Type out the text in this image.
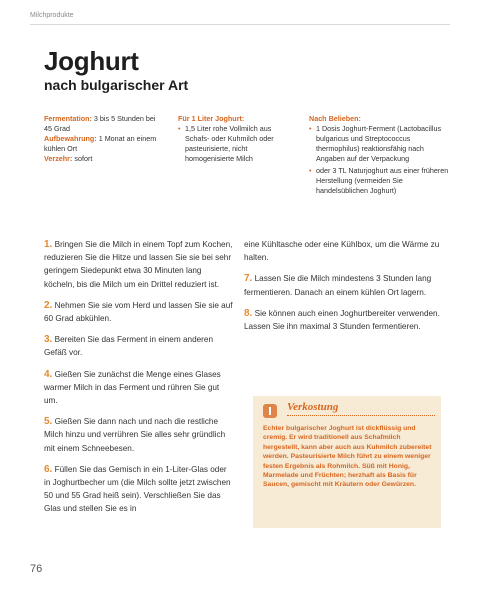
Milchprodukte
Joghurt
nach bulgarischer Art
Fermentation: 3 bis 5 Stunden bei 45 Grad
Aufbewahrung: 1 Monat an einem kühlen Ort
Verzehr: sofort
Für 1 Liter Joghurt:
• 1,5 Liter rohe Vollmilch aus Schafs- oder Kuhmilch oder pasteurisierte, nicht homogenisierte Milch
Nach Belieben:
• 1 Dosis Joghurt-Ferment (Lactobacillus bulgaricus und Streptococcus thermophilus) reaktionsfähig nach Angaben auf der Verpackung
• oder 3 TL Naturjoghurt aus einer früheren Herstellung (vermeiden Sie handelsüblichen Joghurt)

1. Bringen Sie die Milch in einem Topf zum Kochen, reduzieren Sie die Hitze und lassen Sie sie bei sehr geringem Siedepunkt etwa 30 Minuten lang köcheln, bis die Milch um ein Drittel reduziert ist.

2. Nehmen Sie sie vom Herd und lassen Sie sie auf 60 Grad abkühlen.

3. Bereiten Sie das Ferment in einem anderen Gefäß vor.

4. Gießen Sie zunächst die Menge eines Glases warmer Milch in das Ferment und rühren Sie gut um.

5. Gießen Sie dann nach und nach die restliche Milch hinzu und verrühren Sie alles sehr gründlich mit einem Schneebesen.

6. Füllen Sie das Gemisch in ein 1-Liter-Glas oder in Joghurtbecher um (die Milch sollte jetzt zwischen 50 und 55 Grad heiß sein). Verschließen Sie das Glas und stellen Sie es in

eine Kühltasche oder eine Kühlbox, um die Wärme zu halten.

7. Lassen Sie die Milch mindestens 3 Stunden lang fermentieren. Danach an einem kühlen Ort lagern.

8. Sie können auch einen Joghurtbereiter verwenden. Lassen Sie ihn maximal 3 Stunden fermentieren.

Verkostung

Echter bulgarischer Joghurt ist dickflüssig und cremig. Er wird traditionell aus Schafmilch hergestellt, kann aber auch aus Kuhmilch zubereitet werden. Pasteurisierte Milch führt zu einem weniger festen Ergebnis als Rohmilch. Süß mit Honig, Marmelade und Früchten; herzhaft als Basis für Saucen, gemischt mit Kräutern oder Gewürzen.

76
